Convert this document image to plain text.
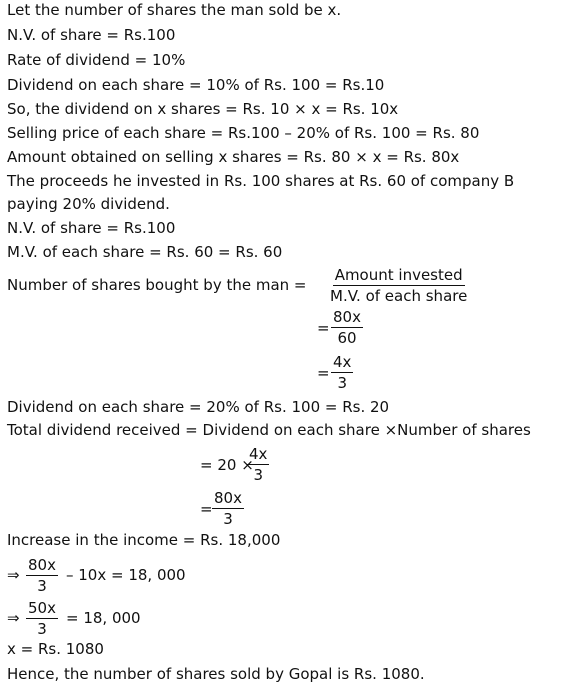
Let the number of shares the man sold be x.
N.V. of share = Rs.100
Rate of dividend = 10%
Dividend on each share = 10% of Rs. 100 = Rs.10
So, the dividend on x shares = Rs. 10 × x = Rs. 10x
Selling price of each share = Rs.100 – 20% of Rs. 100 = Rs. 80
Amount obtained on selling x shares = Rs. 80 × x = Rs. 80x
The proceeds he invested in Rs. 100 shares at Rs. 60 of company B
paying 20% dividend.
N.V. of share = Rs.100
M.V. of each share = Rs. 60 = Rs. 60
Number of shares bought by the man =
Amount invested
M.V. of each share
= $\frac{80x}{60}$
= $\frac{4x}{3}$
Dividend on each share = 20% of Rs. 100 = Rs. 20
Total dividend received = Dividend on each share ×Number of shares
= 20 ×
$\frac{4x}{3}$
= $\frac{80x}{3}$
Increase in the income = Rs. 18,000
⇒ $\frac{80x}{3} - 10x = 18$, 000
⇒ $\frac{50x}{3} = 18$, 000
x = Rs. 1080
Hence, the number of shares sold by Gopal is Rs. 1080.
